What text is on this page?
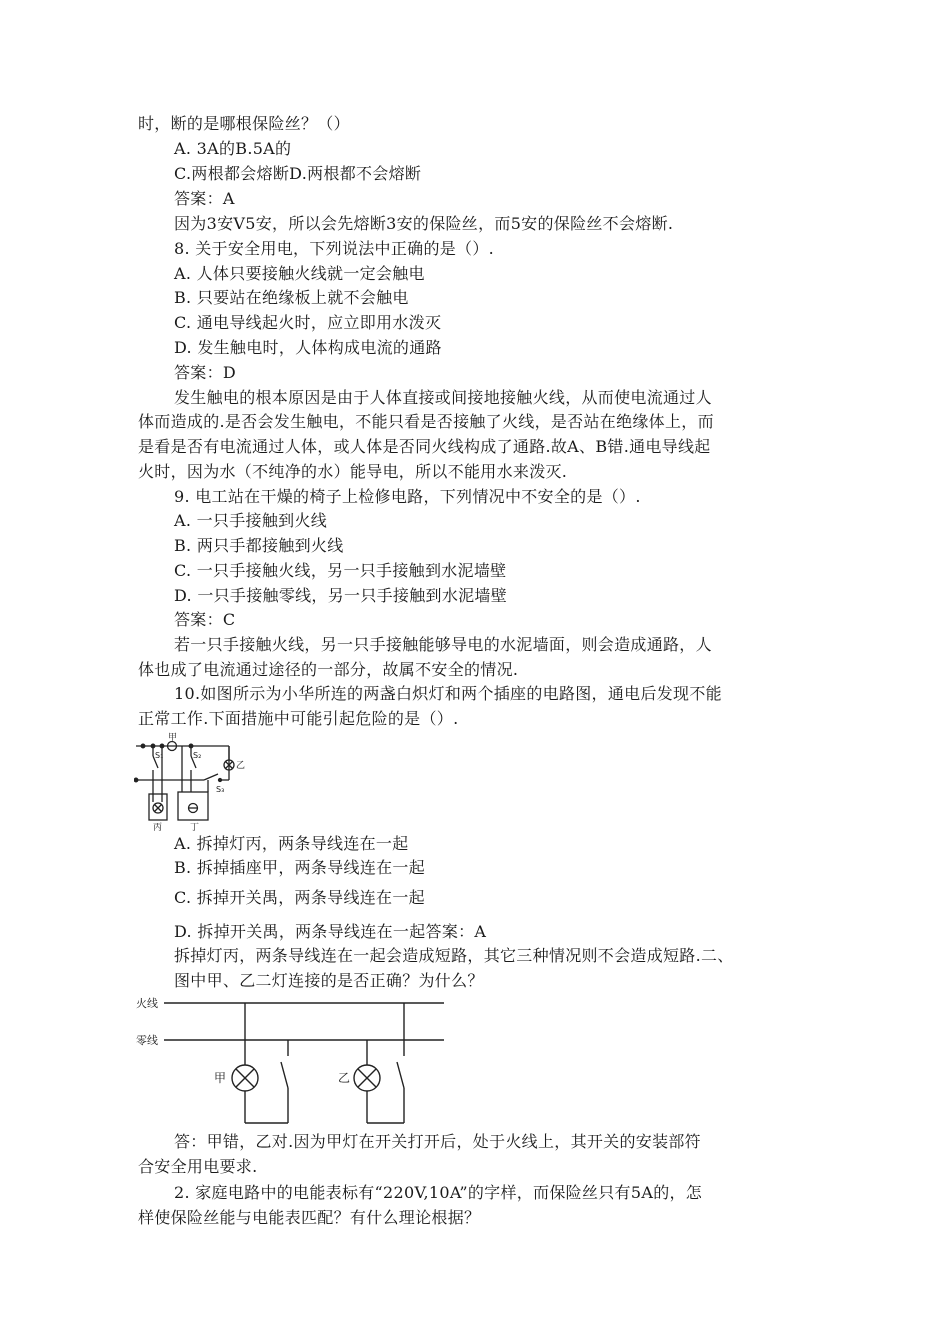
时，断的是哪根保险丝？（）
A. 3A的B.5A的
C.两根都会熔断D.两根都不会熔断
答案：A
因为3安V5安，所以会先熔断3安的保险丝，而5安的保险丝不会熔断.
8. 关于安全用电，下列说法中正确的是（）.
A. 人体只要接触火线就一定会触电
B. 只要站在绝缘板上就不会触电
C. 通电导线起火时，应立即用水泼灭
D. 发生触电时，人体构成电流的通路
答案：D
发生触电的根本原因是由于人体直接或间接地接触火线，从而使电流通过人
体而造成的.是否会发生触电，不能只看是否接触了火线，是否站在绝缘体上，而
是看是否有电流通过人体，或人体是否同火线构成了通路.故A、B错.通电导线起
火时，因为水（不纯净的水）能导电，所以不能用水来泼灭.
9. 电工站在干燥的椅子上检修电路，下列情况中不安全的是（）.
A. 一只手接触到火线
B. 两只手都接触到火线
C. 一只手接触火线，另一只手接触到水泥墙壁
D. 一只手接触零线，另一只手接触到水泥墙壁
答案：C
若一只手接触火线，另一只手接触能够导电的水泥墙面，则会造成通路，人
体也成了电流通过途径的一部分，故属不安全的情况.
10.如图所示为小华所连的两盏白炽灯和两个插座的电路图，通电后发现不能
正常工作.下面措施中可能引起危险的是（）.
A. 拆掉灯丙，两条导线连在一起
B. 拆掉插座甲，两条导线连在一起
C. 拆掉开关禺，两条导线连在一起
D. 拆掉开关禺，两条导线连在一起答案：A
拆掉灯丙，两条导线连在一起会造成短路，其它三种情况则不会造成短路.二、
图中甲、乙二灯连接的是否正确？为什么？
答：甲错，乙对.因为甲灯在开关打开后，处于火线上，其开关的安装部符
合安全用电要求.
2. 家庭电路中的电能表标有“220V,10A”的字样，而保险丝只有5A的，怎
样使保险丝能与电能表匹配？有什么理论根据？
甲
乙
S₁	S₂
S₃
丙	丁
火线
零线
甲	乙
